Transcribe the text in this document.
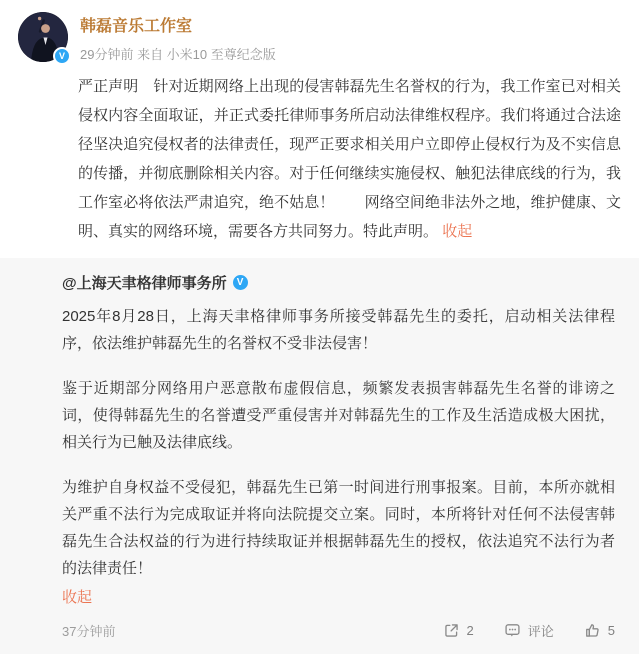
V
韩磊音乐工作室
29分钟前 来自 小米10 至尊纪念版
严正声明　针对近期网络上出现的侵害韩磊先生名誉权的行为，我工作室已对相关侵权内容全面取证，并正式委托律师事务所启动法律维权程序。我们将通过合法途径坚决追究侵权者的法律责任，现严正要求相关用户立即停止侵权行为及不实信息的传播，并彻底删除相关内容。对于任何继续实施侵权、触犯法律底线的行为，我工作室必将依法严肃追究，绝不姑息！　　网络空间绝非法外之地，维护健康、文明、真实的网络环境，需要各方共同努力。特此声明。 收起
@上海天聿格律师事务所	V

2025年8月28日，上海天聿格律师事务所接受韩磊先生的委托，启动相关法律程序，依法维护韩磊先生的名誉权不受非法侵害！

鉴于近期部分网络用户恶意散布虚假信息，频繁发表损害韩磊先生名誉的诽谤之词，使得韩磊先生的名誉遭受严重侵害并对韩磊先生的工作及生活造成极大困扰，相关行为已触及法律底线。

为维护自身权益不受侵犯，韩磊先生已第一时间进行刑事报案。目前，本所亦就相关严重不法行为完成取证并将向法院提交立案。同时，本所将针对任何不法侵害韩磊先生合法权益的行为进行持续取证并根据韩磊先生的授权，依法追究不法行为者的法律责任！

收起
37分钟前	2	评论	5
